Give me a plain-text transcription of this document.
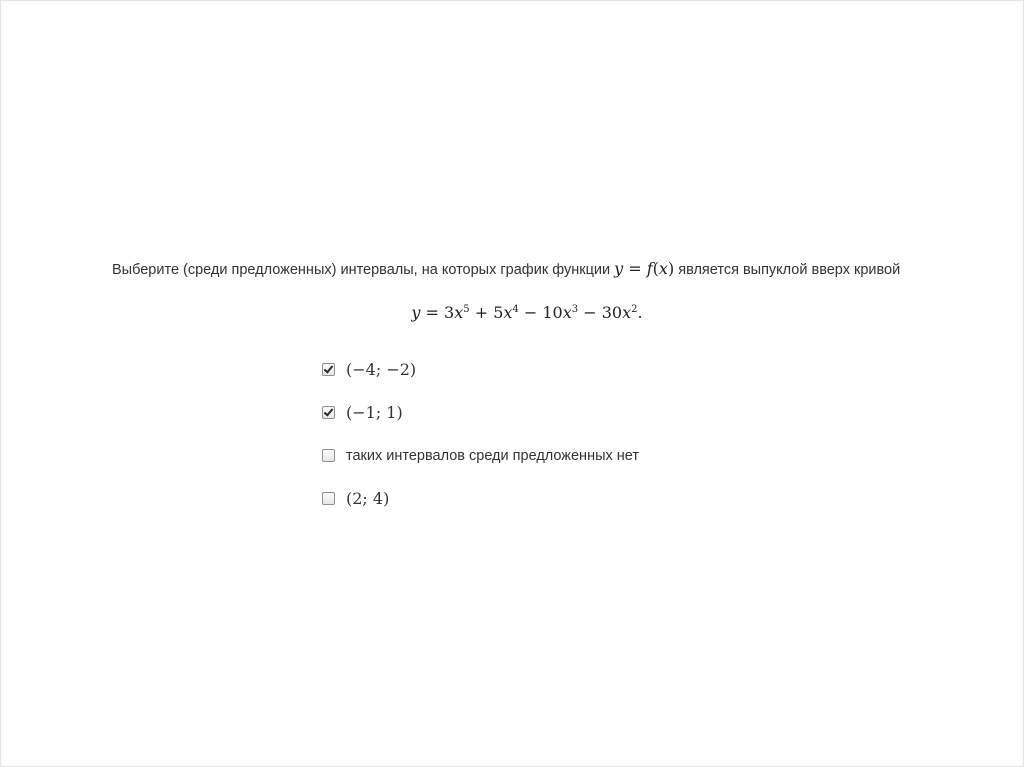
Выберите (среди предложенных) интервалы, на которых график функции y = f(x) является выпуклой вверх кривой
$y = 3x^5 + 5x^4 - 10x^3 - 30x^2$.
(−4; −2)
(−1; 1)
таких интервалов среди предложенных нет
(2; 4)
